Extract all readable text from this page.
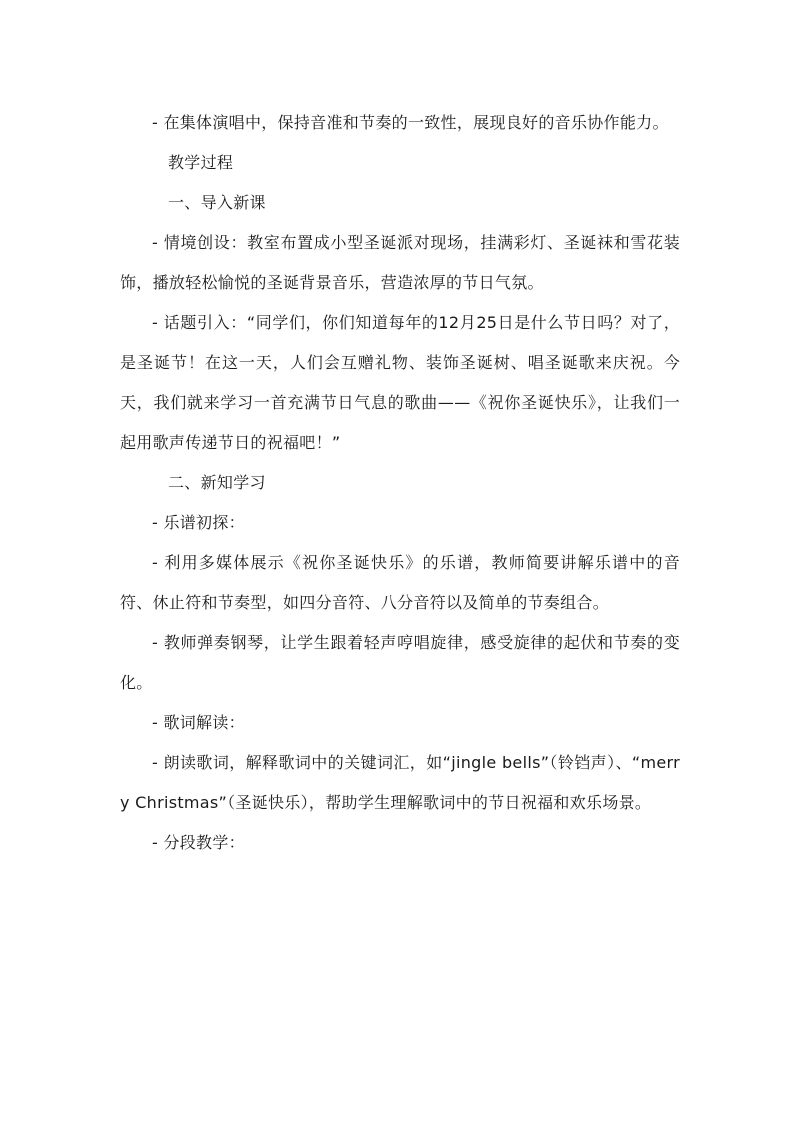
- 在集体演唱中，保持音准和节奏的一致性，展现良好的音乐协作能力。

教学过程

一、导入新课

- 情境创设：教室布置成小型圣诞派对现场，挂满彩灯、圣诞袜和雪花装饰，播放轻松愉悦的圣诞背景音乐，营造浓厚的节日气氛。

- 话题引入：“同学们，你们知道每年的12月25日是什么节日吗？对了，是圣诞节！在这一天，人们会互赠礼物、装饰圣诞树、唱圣诞歌来庆祝。今天，我们就来学习一首充满节日气息的歌曲——《祝你圣诞快乐》，让我们一起用歌声传递节日的祝福吧！”

二、新知学习

- 乐谱初探：

- 利用多媒体展示《祝你圣诞快乐》的乐谱，教师简要讲解乐谱中的音符、休止符和节奏型，如四分音符、八分音符以及简单的节奏组合。

- 教师弹奏钢琴，让学生跟着轻声哼唱旋律，感受旋律的起伏和节奏的变化。

- 歌词解读：

- 朗读歌词，解释歌词中的关键词汇，如“jingle bells”（铃铛声）、“merry Christmas”（圣诞快乐），帮助学生理解歌词中的节日祝福和欢乐场景。

- 分段教学：
